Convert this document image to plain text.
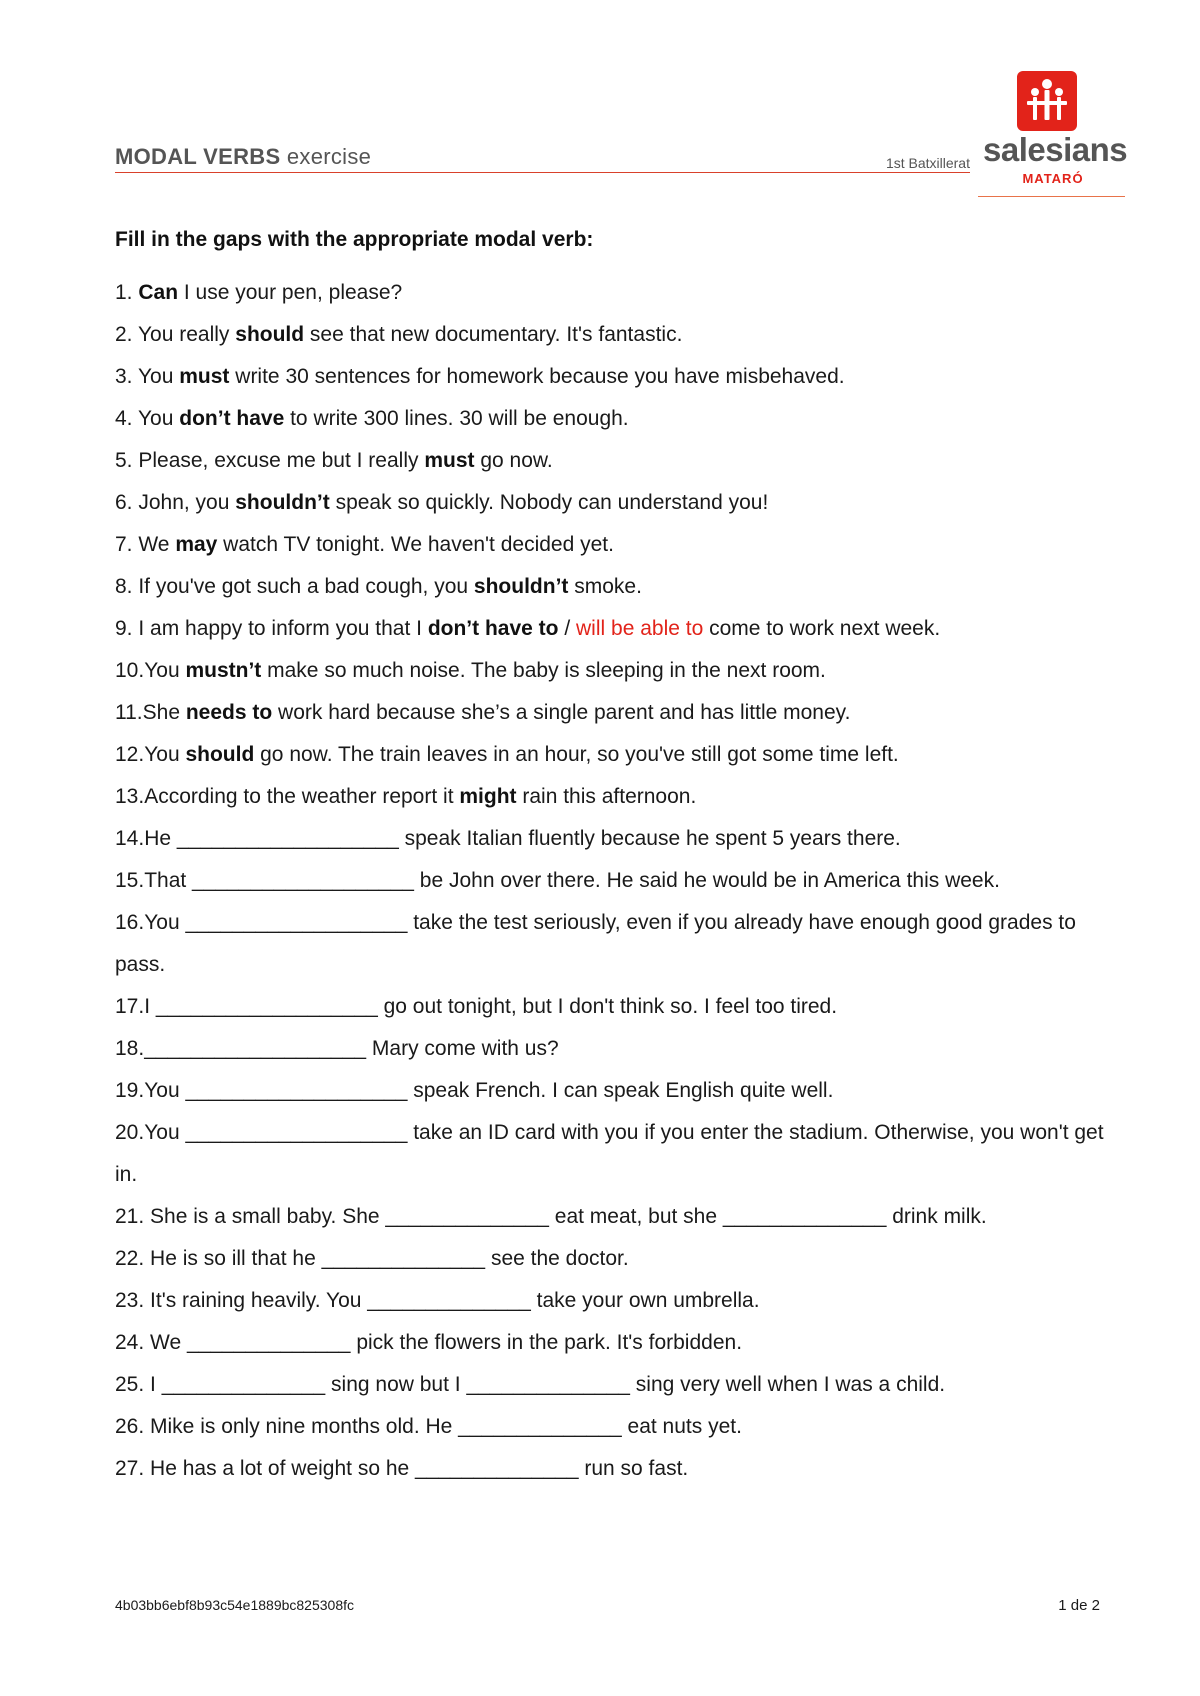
MODAL VERBS exercise	1st Batxillerat salesians
MATARÓ
Fill in the gaps with the appropriate modal verb:
1. Can I use your pen, please?
2. You really should see that new documentary. It's fantastic.
3. You must write 30 sentences for homework because you have misbehaved.
4. You don’t have to write 300 lines. 30 will be enough.
5. Please, excuse me but I really must go now.
6. John, you shouldn’t speak so quickly. Nobody can understand you!
7. We may watch TV tonight. We haven't decided yet.
8. If you've got such a bad cough, you shouldn’t smoke.
9. I am happy to inform you that I don’t have to / will be able to come to work next week.
10.You mustn’t make so much noise. The baby is sleeping in the next room.
11.She needs to work hard because she’s a single parent and has little money.
12.You should go now. The train leaves in an hour, so you've still got some time left.
13.According to the weather report it might rain this afternoon.
14.He ___________________ speak Italian fluently because he spent 5 years there.
15.That ___________________ be John over there. He said he would be in America this week.
16.You ___________________ take the test seriously, even if you already have enough good grades to pass.
17.I ___________________ go out tonight, but I don't think so. I feel too tired.
18.___________________ Mary come with us?
19.You ___________________ speak French. I can speak English quite well.
20.You ___________________ take an ID card with you if you enter the stadium. Otherwise, you won't get in.
21. She is a small baby. She ______________ eat meat, but she ______________ drink milk.
22. He is so ill that he ______________ see the doctor.
23. It's raining heavily. You ______________ take your own umbrella.
24. We ______________ pick the flowers in the park. It's forbidden.
25. I ______________ sing now but I ______________ sing very well when I was a child.
26. Mike is only nine months old. He ______________ eat nuts yet.
27. He has a lot of weight so he ______________ run so fast.
4b03bb6ebf8b93c54e1889bc825308fc	1 de 2
